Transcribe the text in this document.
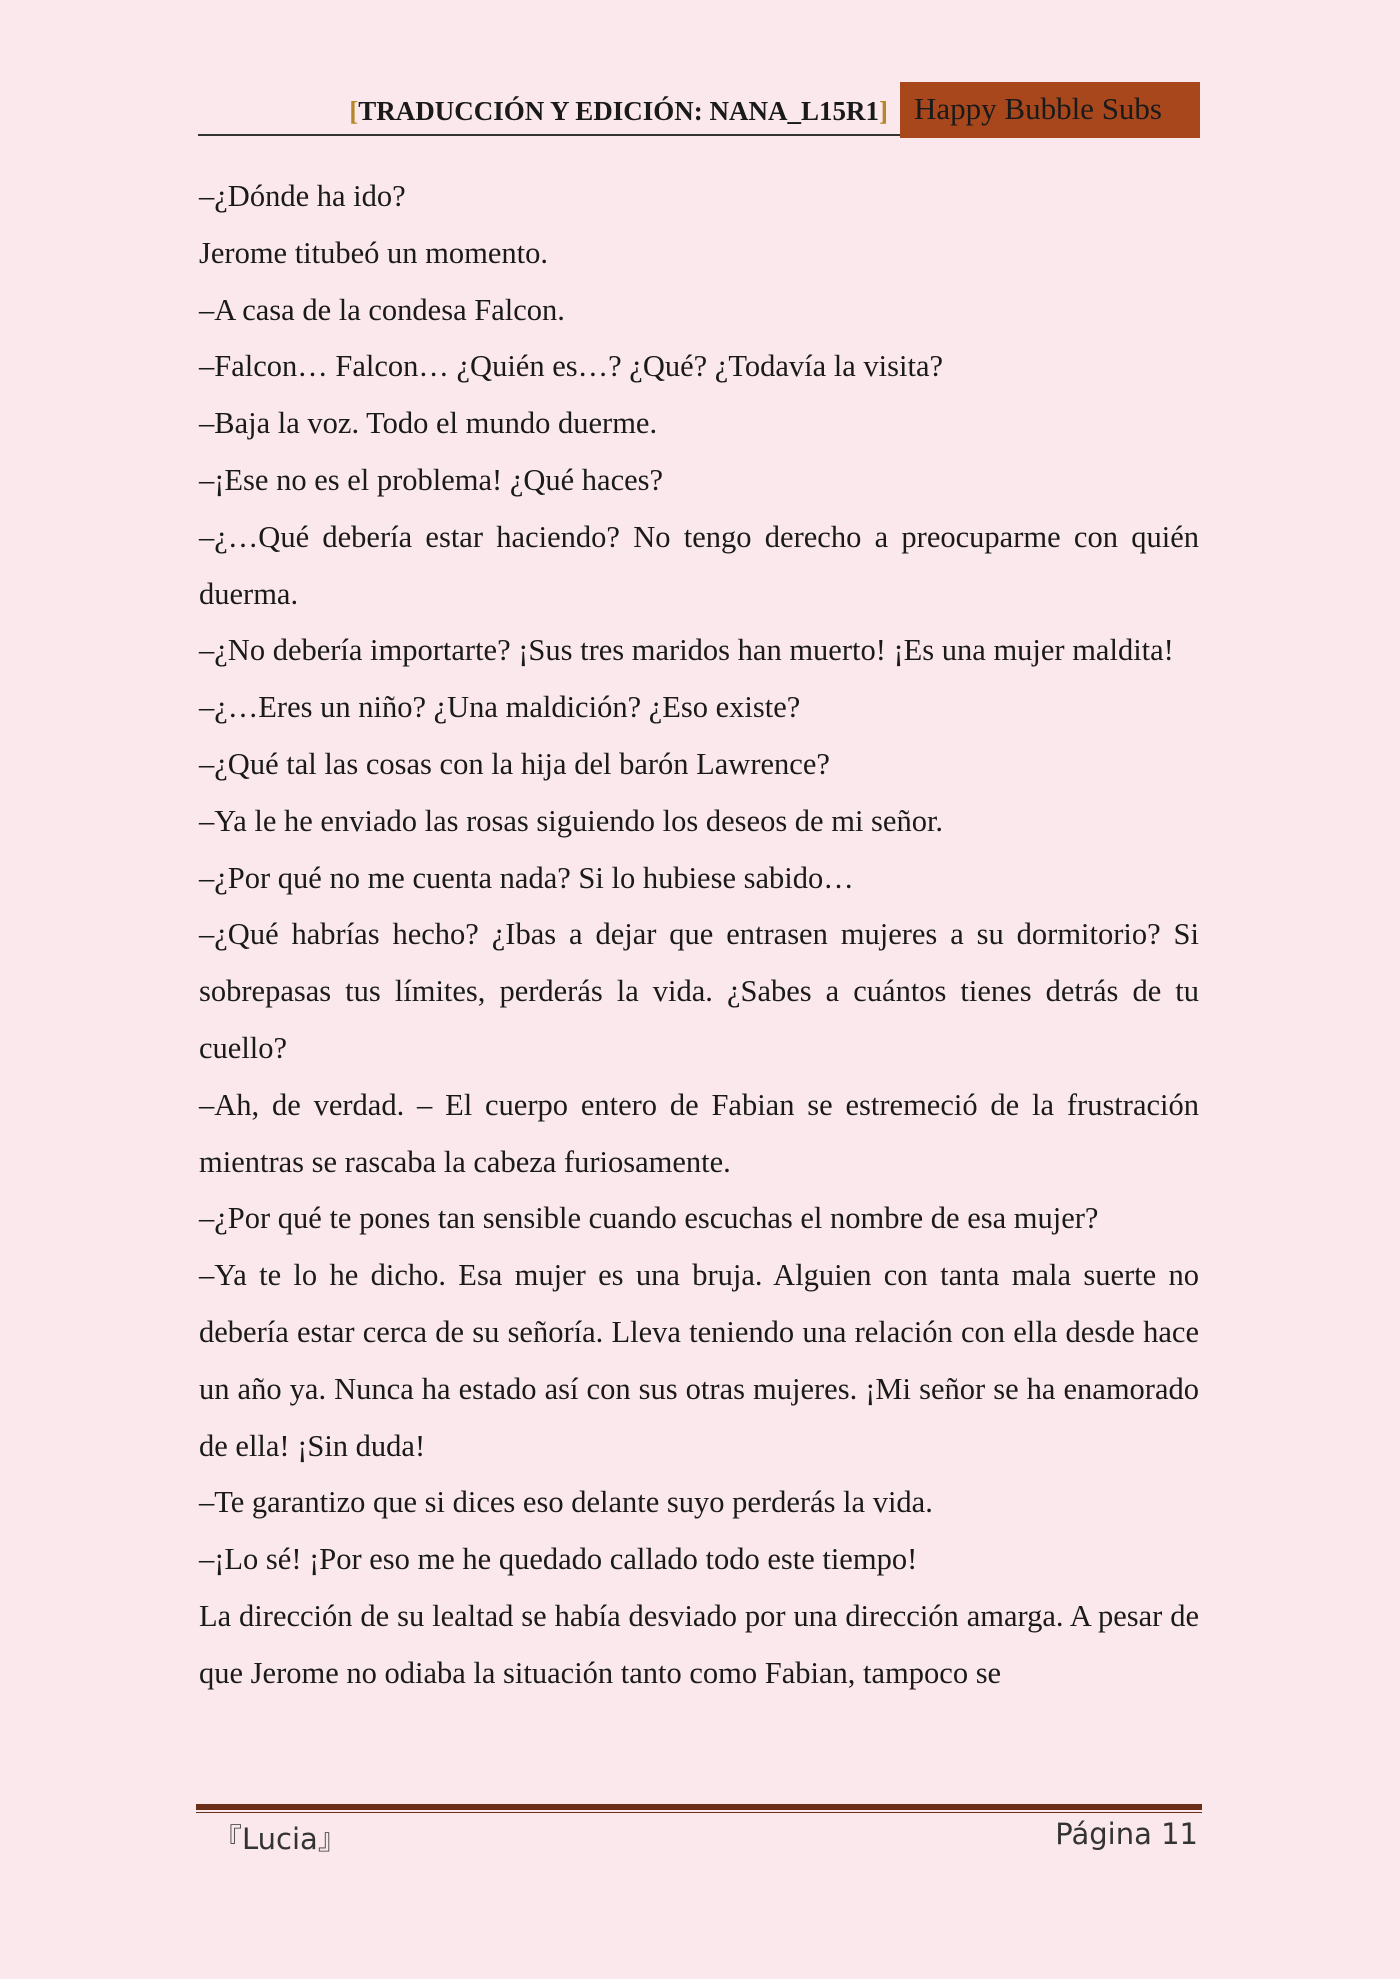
[TRADUCCIÓN Y EDICIÓN: NANA_L15R1] Happy Bubble Subs

–¿Dónde ha ido?

Jerome titubeó un momento.

–A casa de la condesa Falcon.

–Falcon… Falcon… ¿Quién es…? ¿Qué? ¿Todavía la visita?

–Baja la voz. Todo el mundo duerme.

–¡Ese no es el problema! ¿Qué haces?

–¿…Qué debería estar haciendo? No tengo derecho a preocuparme con quién duerma.

–¿No debería importarte? ¡Sus tres maridos han muerto! ¡Es una mujer maldita!

–¿…Eres un niño? ¿Una maldición? ¿Eso existe?

–¿Qué tal las cosas con la hija del barón Lawrence?

–Ya le he enviado las rosas siguiendo los deseos de mi señor.

–¿Por qué no me cuenta nada? Si lo hubiese sabido…

–¿Qué habrías hecho? ¿Ibas a dejar que entrasen mujeres a su dormitorio? Si sobrepasas tus límites, perderás la vida. ¿Sabes a cuántos tienes detrás de tu cuello?

–Ah, de verdad. – El cuerpo entero de Fabian se estremeció de la frustración mientras se rascaba la cabeza furiosamente.

–¿Por qué te pones tan sensible cuando escuchas el nombre de esa mujer?

–Ya te lo he dicho. Esa mujer es una bruja. Alguien con tanta mala suerte no debería estar cerca de su señoría. Lleva teniendo una relación con ella desde hace un año ya. Nunca ha estado así con sus otras mujeres. ¡Mi señor se ha enamorado de ella! ¡Sin duda!

–Te garantizo que si dices eso delante suyo perderás la vida.

–¡Lo sé! ¡Por eso me he quedado callado todo este tiempo!

La dirección de su lealtad se había desviado por una dirección amarga. A pesar de que Jerome no odiaba la situación tanto como Fabian, tampoco se

『Lucia』	Página 11
